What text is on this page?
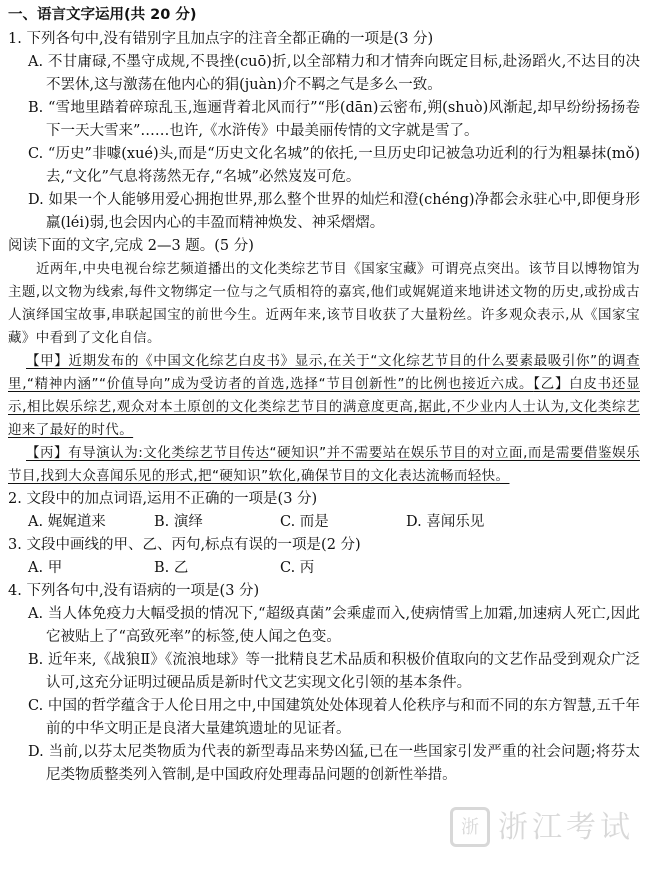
一、语言文字运用(共 20 分)

1. 下列各句中,没有错别字且加点字的注音全都正确的一项是(3 分)

A. 不甘庸碌,不墨守成规,不畏挫(cuō)折,以全部精力和才情奔向既定目标,赴汤蹈火,不达目的决不罢休,这与激荡在他内心的狷(juàn)介不羁之气是多么一致。

B. “雪地里踏着碎琼乱玉,迤逦背着北风而行”“彤(dān)云密布,朔(shuò)风渐起,却早纷纷扬扬卷下一天大雪来”……也许,《水浒传》中最美丽传情的文字就是雪了。

C. “历史”非噱(xué)头,而是“历史文化名城”的依托,一旦历史印记被急功近利的行为粗暴抹(mǒ)去,“文化”气息将荡然无存,“名城”必然岌岌可危。

D. 如果一个人能够用爱心拥抱世界,那么整个世界的灿烂和澄(chéng)净都会永驻心中,即便身形羸(léi)弱,也会因内心的丰盈而精神焕发、神采熠熠。

阅读下面的文字,完成 2—3 题。(5 分)

近两年,中央电视台综艺频道播出的文化类综艺节目《国家宝藏》可谓亮点突出。该节目以博物馆为主题,以文物为线索,每件文物绑定一位与之气质相符的嘉宾,他们或娓娓道来地讲述文物的历史,或扮成古人演绎国宝故事,串联起国宝的前世今生。近两年来,该节目收获了大量粉丝。许多观众表示,从《国家宝藏》中看到了文化自信。

【甲】近期发布的《中国文化综艺白皮书》显示,在关于“文化综艺节目的什么要素最吸引你”的调查里,“精神内涵”“价值导向”成为受访者的首选,选择“节目创新性”的比例也接近六成。【乙】白皮书还显示,相比娱乐综艺,观众对本土原创的文化类综艺节目的满意度更高,据此,不少业内人士认为,文化类综艺迎来了最好的时代。

【丙】有导演认为:文化类综艺节目传达“硬知识”并不需要站在娱乐节目的对立面,而是需要借鉴娱乐节目,找到大众喜闻乐见的形式,把“硬知识”软化,确保节目的文化表达流畅而轻快。

2. 文段中的加点词语,运用不正确的一项是(3 分)

A. 娓娓道来	B. 演绎	C. 而是	D. 喜闻乐见

3. 文段中画线的甲、乙、丙句,标点有误的一项是(2 分)

A. 甲	B. 乙	C. 丙

4. 下列各句中,没有语病的一项是(3 分)

A. 当人体免疫力大幅受损的情况下,“超级真菌”会乘虚而入,使病情雪上加霜,加速病人死亡,因此它被贴上了“高致死率”的标签,使人闻之色变。

B. 近年来,《战狼Ⅱ》《流浪地球》等一批精良艺术品质和积极价值取向的文艺作品受到观众广泛认可,这充分证明过硬品质是新时代文艺实现文化引领的基本条件。

C. 中国的哲学蕴含于人伦日用之中,中国建筑处处体现着人伦秩序与和而不同的东方智慧,五千年前的中华文明正是良渚大量建筑遗址的见证者。

D. 当前,以芬太尼类物质为代表的新型毒品来势凶猛,已在一些国家引发严重的社会问题;将芬太尼类物质整类列入管制,是中国政府处理毒品问题的创新性举措。

浙 浙江考试
